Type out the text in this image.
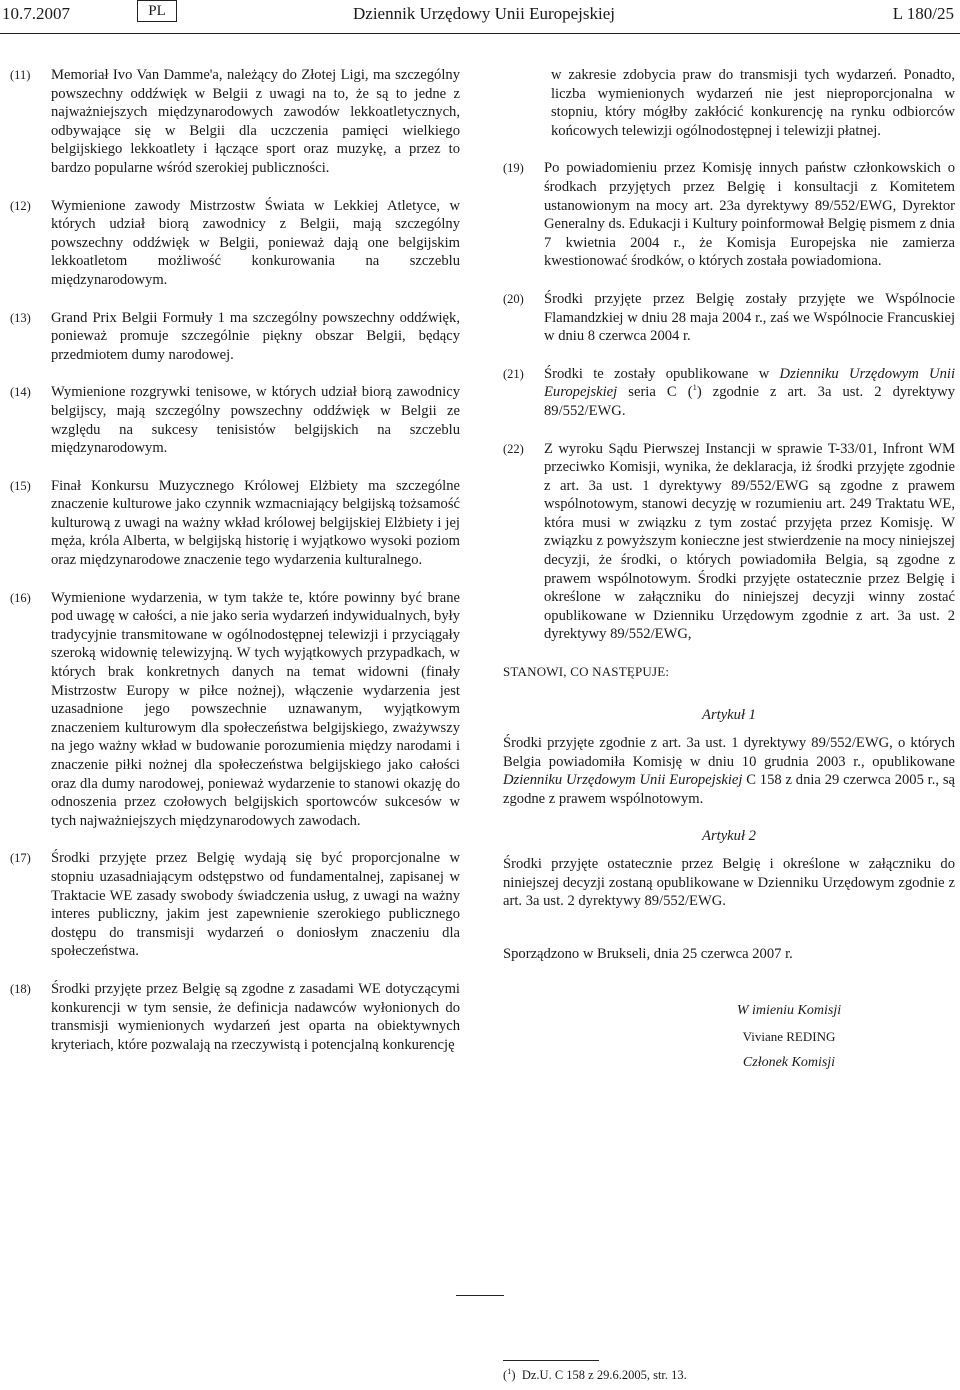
10.7.2007	PL	Dziennik Urzędowy Unii Europejskiej	L 180/25
(11)	Memoriał Ivo Van Damme'a, należący do Złotej Ligi, ma szczególny powszechny oddźwięk w Belgii z uwagi na to, że są to jedne z najważniejszych międzynarodowych zawodów lekkoatletycznych, odbywające się w Belgii dla uczczenia pamięci wielkiego belgijskiego lekkoatlety i łączące sport oraz muzykę, a przez to bardzo popularne wśród szerokiej publiczności.
(12)	Wymienione zawody Mistrzostw Świata w Lekkiej Atletyce, w których udział biorą zawodnicy z Belgii, mają szczególny powszechny oddźwięk w Belgii, ponieważ dają one belgijskim lekkoatletom możliwość konkurowania na szczeblu międzynarodowym.
(13)	Grand Prix Belgii Formuły 1 ma szczególny powszechny oddźwięk, ponieważ promuje szczególnie piękny obszar Belgii, będący przedmiotem dumy narodowej.
(14)	Wymienione rozgrywki tenisowe, w których udział biorą zawodnicy belgijscy, mają szczególny powszechny oddźwięk w Belgii ze względu na sukcesy tenisistów belgijskich na szczeblu międzynarodowym.
(15)	Finał Konkursu Muzycznego Królowej Elżbiety ma szczególne znaczenie kulturowe jako czynnik wzmacniający belgijską tożsamość kulturową z uwagi na ważny wkład królowej belgijskiej Elżbiety i jej męża, króla Alberta, w belgijską historię i wyjątkowo wysoki poziom oraz międzynarodowe znaczenie tego wydarzenia kulturalnego.
(16)	Wymienione wydarzenia, w tym także te, które powinny być brane pod uwagę w całości, a nie jako seria wydarzeń indywidualnych, były tradycyjnie transmitowane w ogólnodostępnej telewizji i przyciągały szeroką widownię telewizyjną. W tych wyjątkowych przypadkach, w których brak konkretnych danych na temat widowni (finały Mistrzostw Europy w piłce nożnej), włączenie wydarzenia jest uzasadnione jego powszechnie uznawanym, wyjątkowym znaczeniem kulturowym dla społeczeństwa belgijskiego, zważywszy na jego ważny wkład w budowanie porozumienia między narodami i znaczenie piłki nożnej dla społeczeństwa belgijskiego jako całości oraz dla dumy narodowej, ponieważ wydarzenie to stanowi okazję do odnoszenia przez czołowych belgijskich sportowców sukcesów w tych najważniejszych międzynarodowych zawodach.
(17)	Środki przyjęte przez Belgię wydają się być proporcjonalne w stopniu uzasadniającym odstępstwo od fundamentalnej, zapisanej w Traktacie WE zasady swobody świadczenia usług, z uwagi na ważny interes publiczny, jakim jest zapewnienie szerokiego publicznego dostępu do transmisji wydarzeń o doniosłym znaczeniu dla społeczeństwa.
(18)	Środki przyjęte przez Belgię są zgodne z zasadami WE dotyczącymi konkurencji w tym sensie, że definicja nadawców wyłonionych do transmisji wymienionych wydarzeń jest oparta na obiektywnych kryteriach, które pozwalają na rzeczywistą i potencjalną konkurencję
w zakresie zdobycia praw do transmisji tych wydarzeń. Ponadto, liczba wymienionych wydarzeń nie jest nieproporcjonalna w stopniu, który mógłby zakłócić konkurencję na rynku odbiorców końcowych telewizji ogólnodostępnej i telewizji płatnej.
(19)	Po powiadomieniu przez Komisję innych państw członkowskich o środkach przyjętych przez Belgię i konsultacji z Komitetem ustanowionym na mocy art. 23a dyrektywy 89/552/EWG, Dyrektor Generalny ds. Edukacji i Kultury poinformował Belgię pismem z dnia 7 kwietnia 2004 r., że Komisja Europejska nie zamierza kwestionować środków, o których została powiadomiona.
(20)	Środki przyjęte przez Belgię zostały przyjęte we Wspólnocie Flamandzkiej w dniu 28 maja 2004 r., zaś we Wspólnocie Francuskiej w dniu 8 czerwca 2004 r.
(21)	Środki te zostały opublikowane w Dzienniku Urzędowym Unii Europejskiej seria C ($^1$) zgodnie z art. 3a ust. 2 dyrektywy 89/552/EWG.
(22)	Z wyroku Sądu Pierwszej Instancji w sprawie T-33/01, Infront WM przeciwko Komisji, wynika, że deklaracja, iż środki przyjęte zgodnie z art. 3a ust. 1 dyrektywy 89/552/EWG są zgodne z prawem wspólnotowym, stanowi decyzję w rozumieniu art. 249 Traktatu WE, która musi w związku z tym zostać przyjęta przez Komisję. W związku z powyższym konieczne jest stwierdzenie na mocy niniejszej decyzji, że środki, o których powiadomiła Belgia, są zgodne z prawem wspólnotowym. Środki przyjęte ostatecznie przez Belgię i określone w załączniku do niniejszej decyzji winny zostać opublikowane w Dzienniku Urzędowym zgodnie z art. 3a ust. 2 dyrektywy 89/552/EWG,
STANOWI, CO NASTĘPUJE:
Artykuł 1
Środki przyjęte zgodnie z art. 3a ust. 1 dyrektywy 89/552/EWG, o których Belgia powiadomiła Komisję w dniu 10 grudnia 2003 r., opublikowane Dzienniku Urzędowym Unii Europejskiej C 158 z dnia 29 czerwca 2005 r., są zgodne z prawem wspólnotowym.
Artykuł 2
Środki przyjęte ostatecznie przez Belgię i określone w załączniku do niniejszej decyzji zostaną opublikowane w Dzienniku Urzędowym zgodnie z art. 3a ust. 2 dyrektywy 89/552/EWG.
Sporządzono w Brukseli, dnia 25 czerwca 2007 r.
W imieniu Komisji
Viviane REDING
Członek Komisji
($^1$)  Dz.U. C 158 z 29.6.2005, str. 13.
